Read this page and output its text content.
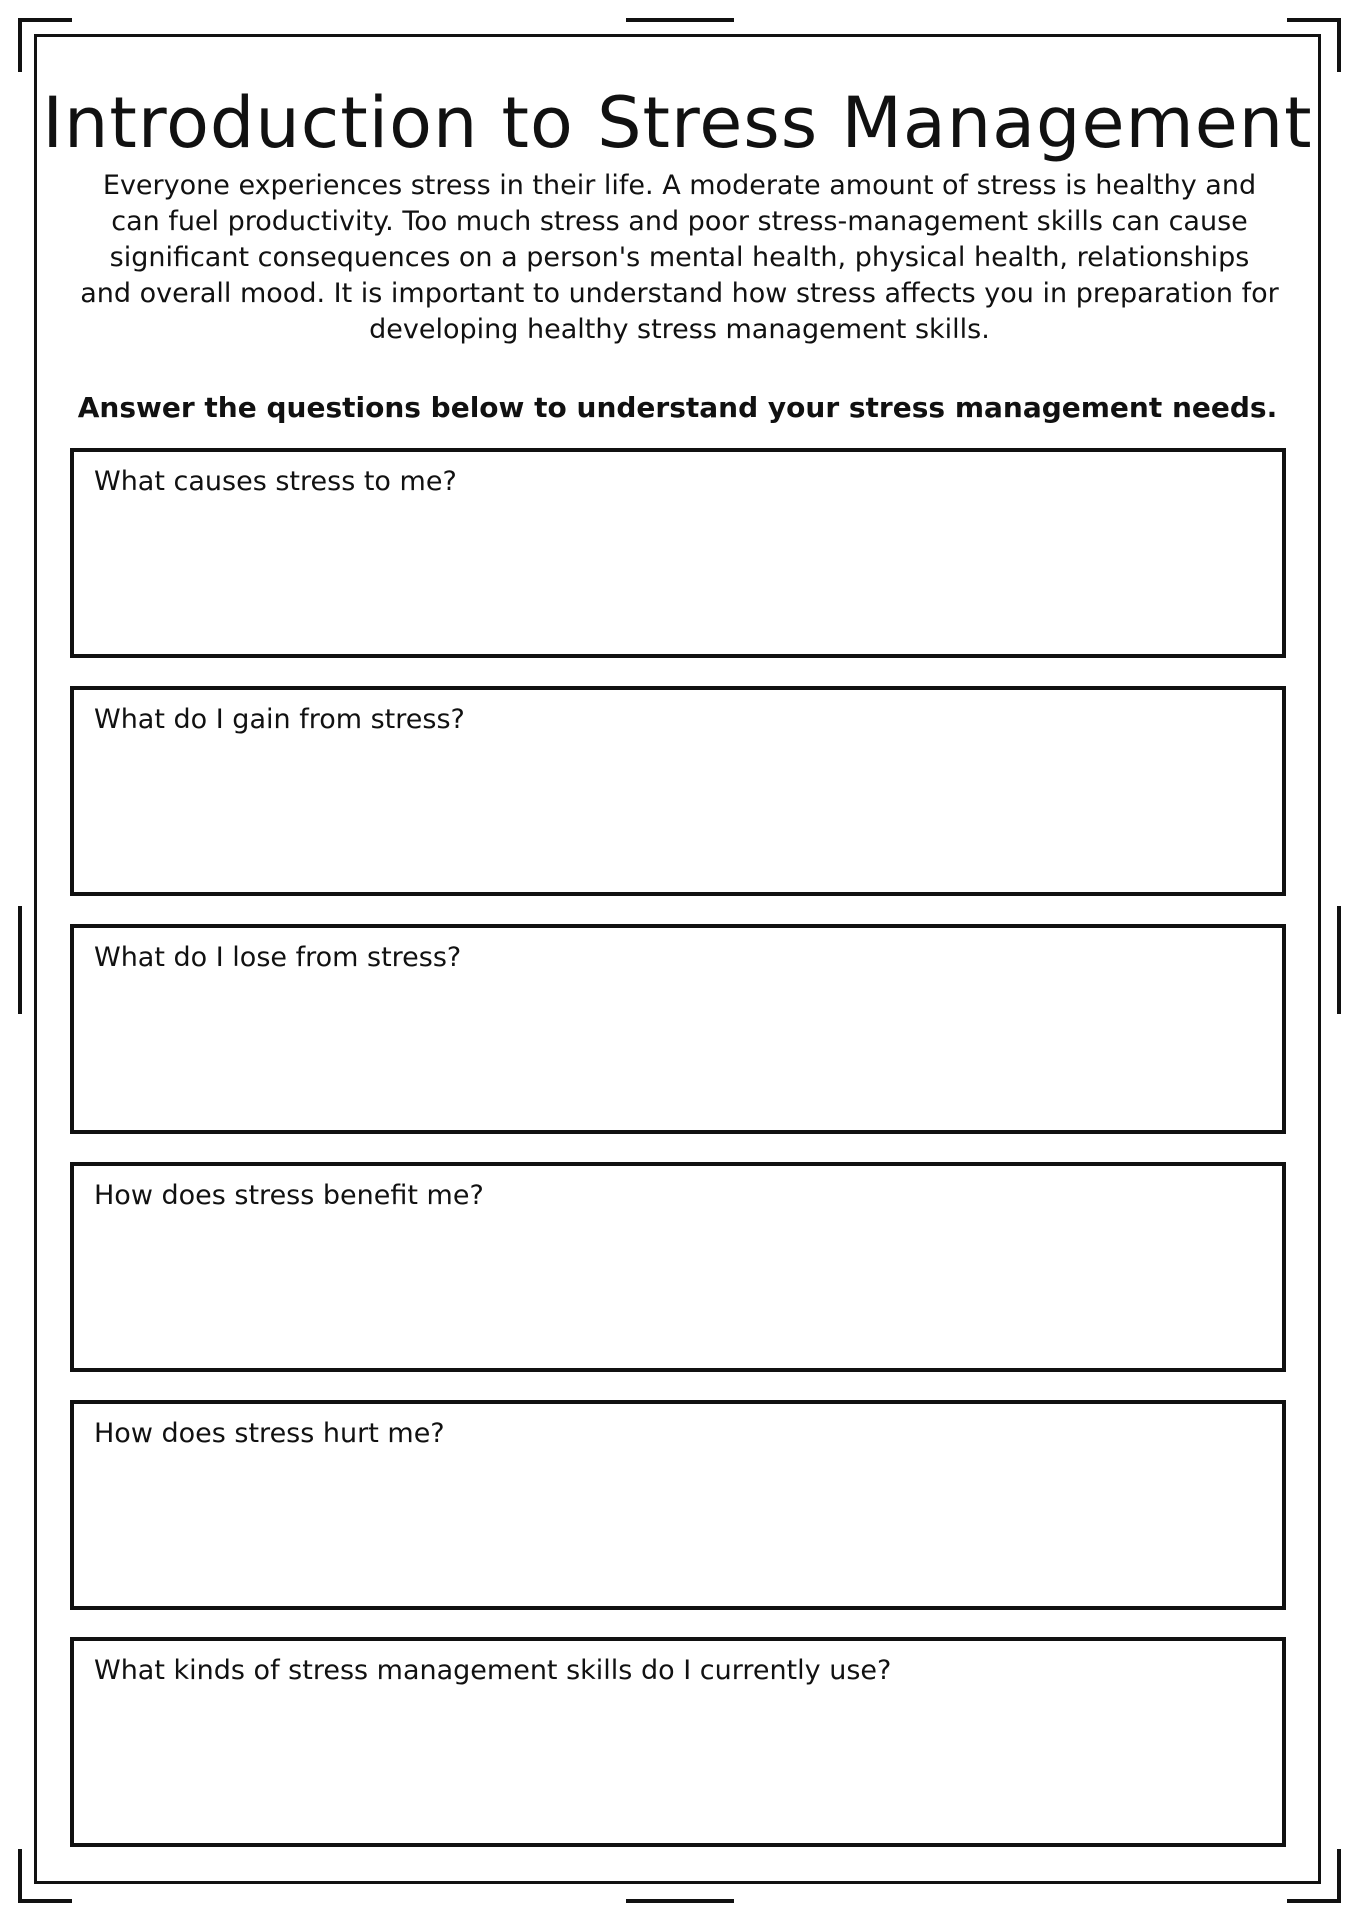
Introduction to Stress Management

Everyone experiences stress in their life. A moderate amount of stress is healthy and can fuel productivity. Too much stress and poor stress-management skills can cause significant consequences on a person's mental health, physical health, relationships and overall mood. It is important to understand how stress affects you in preparation for developing healthy stress management skills.

Answer the questions below to understand your stress management needs.

What causes stress to me?
What do I gain from stress?
What do I lose from stress?
How does stress benefit me?
How does stress hurt me?
What kinds of stress management skills do I currently use?
